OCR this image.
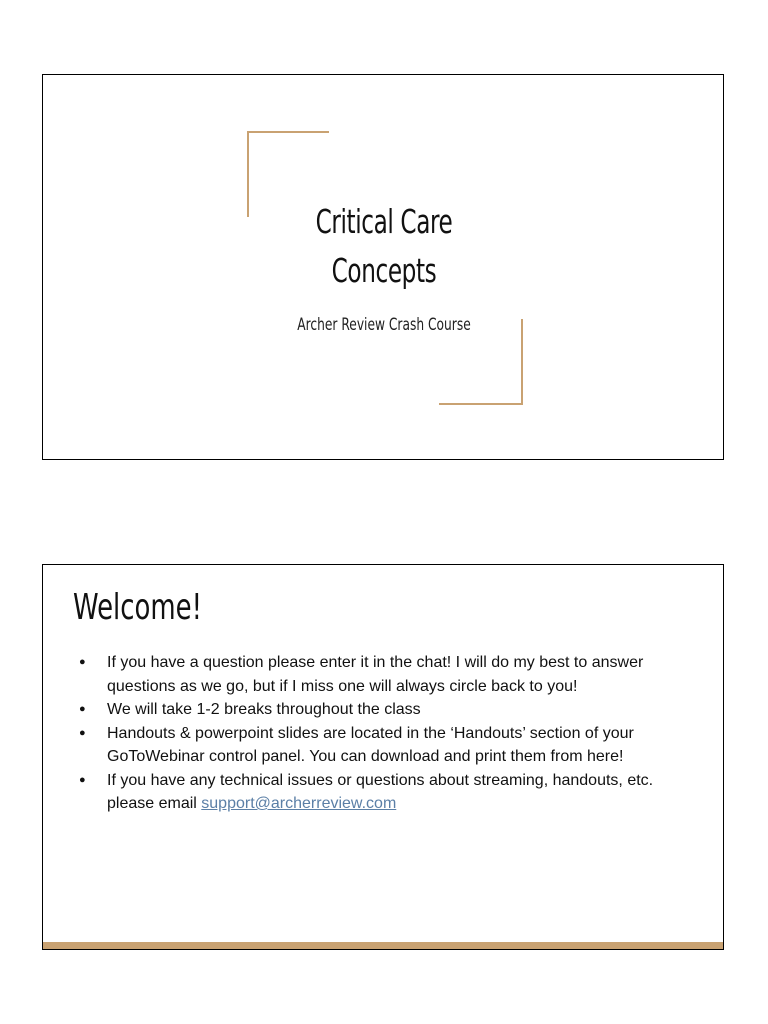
Critical Care
Concepts
Archer Review Crash Course
Welcome!
● If you have a question please enter it in the chat! I will do my best to answer questions as we go, but if I miss one will always circle back to you!
● We will take 1-2 breaks throughout the class
● Handouts & powerpoint slides are located in the ‘Handouts’ section of your GoToWebinar control panel. You can download and print them from here!
● If you have any technical issues or questions about streaming, handouts, etc. please email support@archerreview.com
